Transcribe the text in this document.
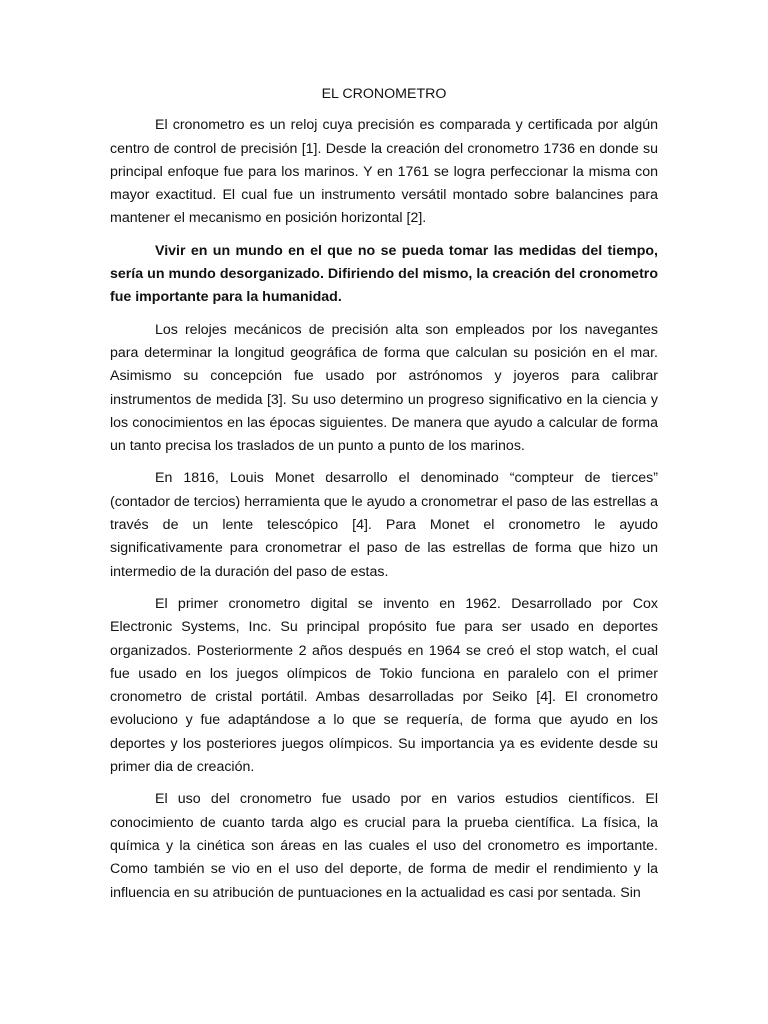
EL CRONOMETRO

El cronometro es un reloj cuya precisión es comparada y certificada por algún centro de control de precisión [1]. Desde la creación del cronometro 1736 en donde su principal enfoque fue para los marinos. Y en 1761 se logra perfeccionar la misma con mayor exactitud. El cual fue un instrumento versátil montado sobre balancines para mantener el mecanismo en posición horizontal [2].

Vivir en un mundo en el que no se pueda tomar las medidas del tiempo, sería un mundo desorganizado. Difiriendo del mismo, la creación del cronometro fue importante para la humanidad.

Los relojes mecánicos de precisión alta son empleados por los navegantes para determinar la longitud geográfica de forma que calculan su posición en el mar. Asimismo su concepción fue usado por astrónomos y joyeros para calibrar instrumentos de medida [3]. Su uso determino un progreso significativo en la ciencia y los conocimientos en las épocas siguientes. De manera que ayudo a calcular de forma un tanto precisa los traslados de un punto a punto de los marinos.

En 1816, Louis Monet desarrollo el denominado “compteur de tierces” (contador de tercios) herramienta que le ayudo a cronometrar el paso de las estrellas a través de un lente telescópico [4]. Para Monet el cronometro le ayudo significativamente para cronometrar el paso de las estrellas de forma que hizo un intermedio de la duración del paso de estas.

El primer cronometro digital se invento en 1962. Desarrollado por Cox Electronic Systems, Inc. Su principal propósito fue para ser usado en deportes organizados. Posteriormente 2 años después en 1964 se creó el stop watch, el cual fue usado en los juegos olímpicos de Tokio funciona en paralelo con el primer cronometro de cristal portátil. Ambas desarrolladas por Seiko [4]. El cronometro evoluciono y fue adaptándose a lo que se requería, de forma que ayudo en los deportes y los posteriores juegos olímpicos. Su importancia ya es evidente desde su primer dia de creación.

El uso del cronometro fue usado por en varios estudios científicos. El conocimiento de cuanto tarda algo es crucial para la prueba científica. La física, la química y la cinética son áreas en las cuales el uso del cronometro es importante. Como también se vio en el uso del deporte, de forma de medir el rendimiento y la influencia en su atribución de puntuaciones en la actualidad es casi por sentada. Sin
